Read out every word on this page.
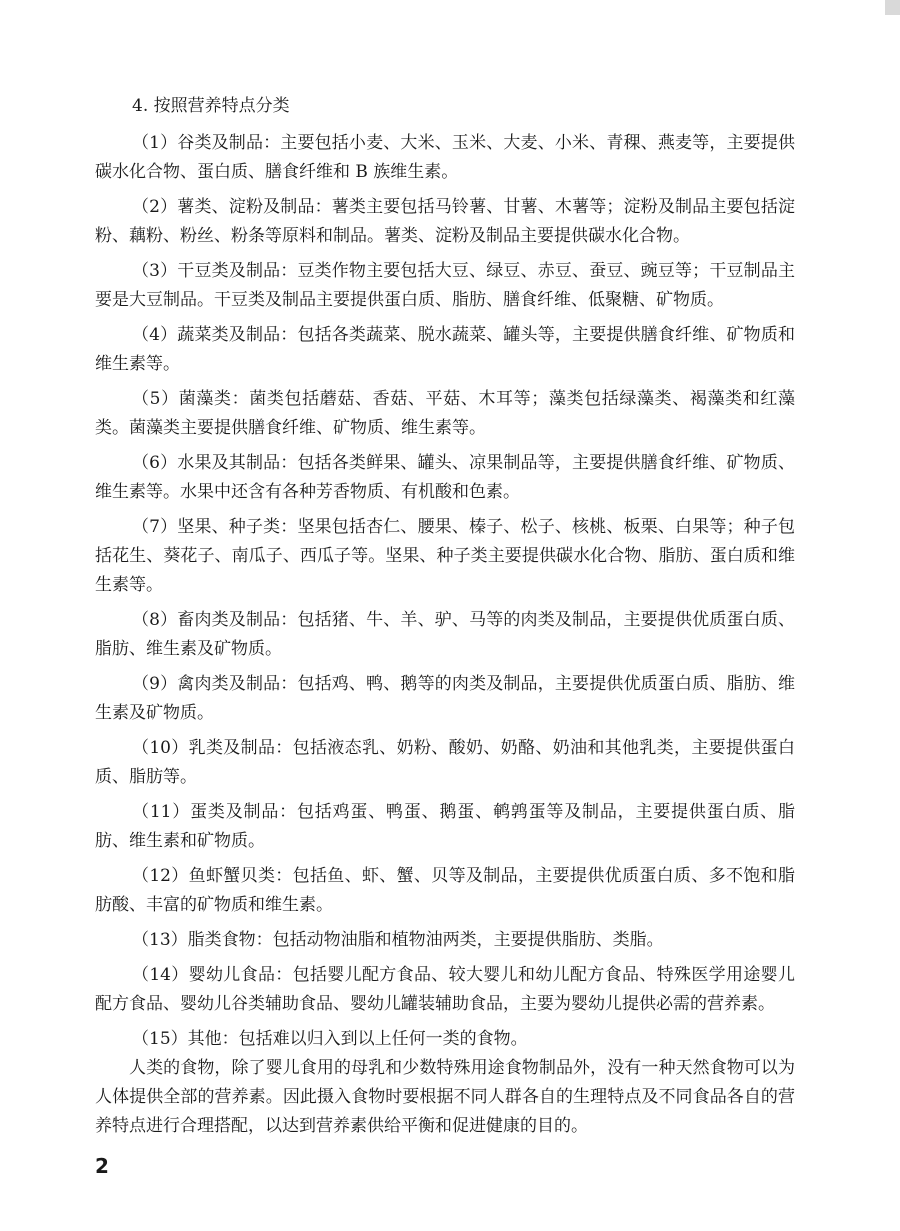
4. 按照营养特点分类

（1）谷类及制品：主要包括小麦、大米、玉米、大麦、小米、青稞、燕麦等，主要提供碳水化合物、蛋白质、膳食纤维和 B 族维生素。

（2）薯类、淀粉及制品：薯类主要包括马铃薯、甘薯、木薯等；淀粉及制品主要包括淀粉、藕粉、粉丝、粉条等原料和制品。薯类、淀粉及制品主要提供碳水化合物。

（3）干豆类及制品：豆类作物主要包括大豆、绿豆、赤豆、蚕豆、豌豆等；干豆制品主要是大豆制品。干豆类及制品主要提供蛋白质、脂肪、膳食纤维、低聚糖、矿物质。

（4）蔬菜类及制品：包括各类蔬菜、脱水蔬菜、罐头等，主要提供膳食纤维、矿物质和维生素等。

（5）菌藻类：菌类包括蘑菇、香菇、平菇、木耳等；藻类包括绿藻类、褐藻类和红藻类。菌藻类主要提供膳食纤维、矿物质、维生素等。

（6）水果及其制品：包括各类鲜果、罐头、凉果制品等，主要提供膳食纤维、矿物质、维生素等。水果中还含有各种芳香物质、有机酸和色素。

（7）坚果、种子类：坚果包括杏仁、腰果、榛子、松子、核桃、板栗、白果等；种子包括花生、葵花子、南瓜子、西瓜子等。坚果、种子类主要提供碳水化合物、脂肪、蛋白质和维生素等。

（8）畜肉类及制品：包括猪、牛、羊、驴、马等的肉类及制品，主要提供优质蛋白质、脂肪、维生素及矿物质。

（9）禽肉类及制品：包括鸡、鸭、鹅等的肉类及制品，主要提供优质蛋白质、脂肪、维生素及矿物质。

（10）乳类及制品：包括液态乳、奶粉、酸奶、奶酪、奶油和其他乳类，主要提供蛋白质、脂肪等。

（11）蛋类及制品：包括鸡蛋、鸭蛋、鹅蛋、鹌鹑蛋等及制品，主要提供蛋白质、脂肪、维生素和矿物质。

（12）鱼虾蟹贝类：包括鱼、虾、蟹、贝等及制品，主要提供优质蛋白质、多不饱和脂肪酸、丰富的矿物质和维生素。

（13）脂类食物：包括动物油脂和植物油两类，主要提供脂肪、类脂。

（14）婴幼儿食品：包括婴儿配方食品、较大婴儿和幼儿配方食品、特殊医学用途婴儿配方食品、婴幼儿谷类辅助食品、婴幼儿罐装辅助食品，主要为婴幼儿提供必需的营养素。

（15）其他：包括难以归入到以上任何一类的食物。

人类的食物，除了婴儿食用的母乳和少数特殊用途食物制品外，没有一种天然食物可以为人体提供全部的营养素。因此摄入食物时要根据不同人群各自的生理特点及不同食品各自的营养特点进行合理搭配，以达到营养素供给平衡和促进健康的目的。

2
